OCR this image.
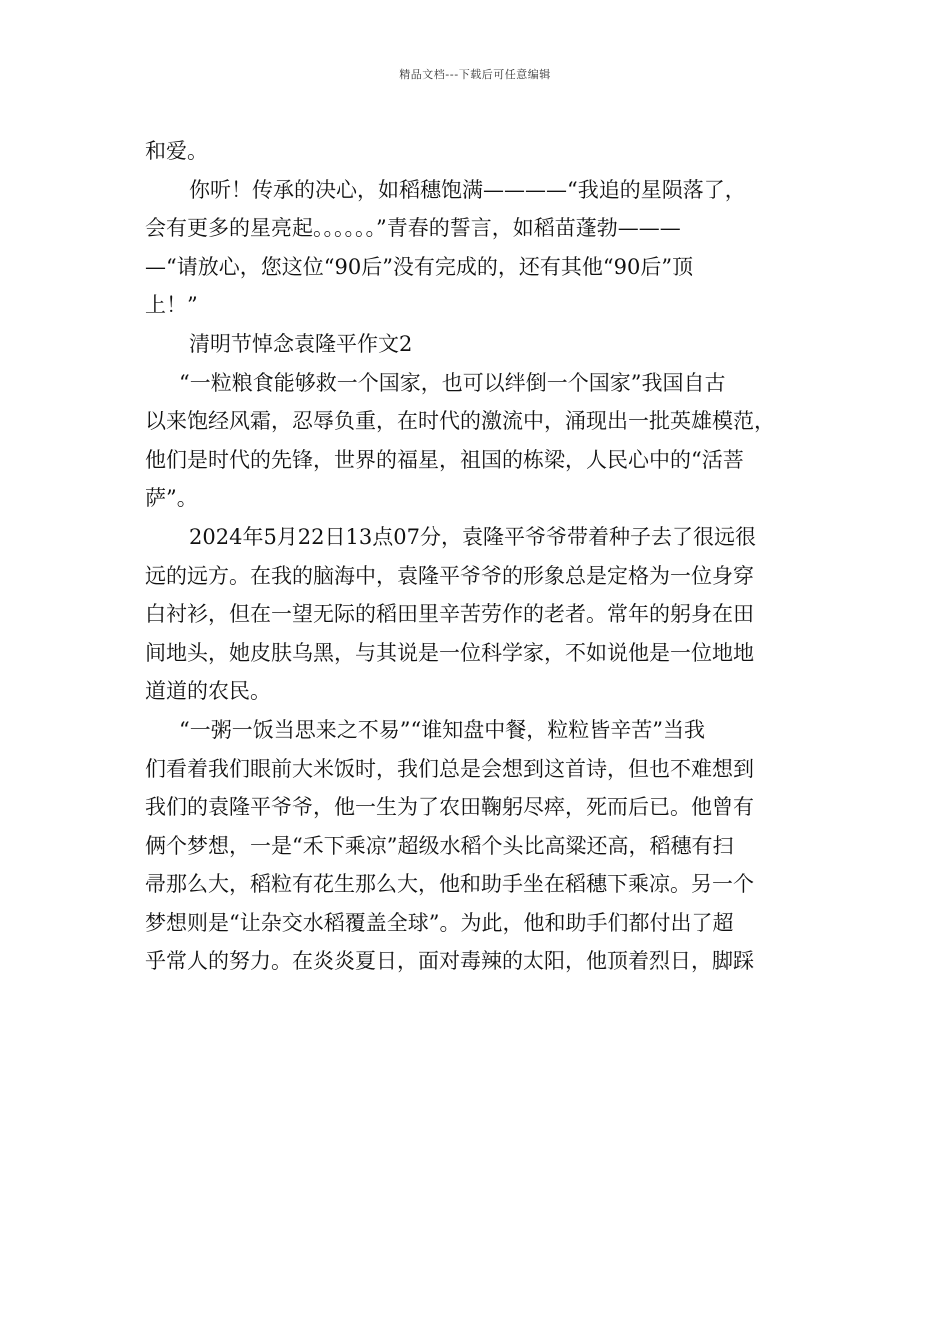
精品文档---下载后可任意编辑
和爱。
你听！传承的决心，如稻穗饱满————“我追的星陨落了，
会有更多的星亮起。。。。。。”青春的誓言，如稻苗蓬勃———
—“请放心，您这位“90后”没有完成的，还有其他“90后”顶
上！”
清明节悼念袁隆平作文2
“一粒粮食能够救一个国家，也可以绊倒一个国家”我国自古
以来饱经风霜，忍辱负重，在时代的激流中，涌现出一批英雄模范，
他们是时代的先锋，世界的福星，祖国的栋梁，人民心中的“活菩
萨”。
2024年5月22日13点07分，袁隆平爷爷带着种子去了很远很
远的远方。在我的脑海中，袁隆平爷爷的形象总是定格为一位身穿
白衬衫，但在一望无际的稻田里辛苦劳作的老者。常年的躬身在田
间地头，她皮肤乌黑，与其说是一位科学家，不如说他是一位地地
道道的农民。
“一粥一饭当思来之不易”“谁知盘中餐，粒粒皆辛苦”当我
们看着我们眼前大米饭时，我们总是会想到这首诗，但也不难想到
我们的袁隆平爷爷，他一生为了农田鞠躬尽瘁，死而后已。他曾有
俩个梦想，一是“禾下乘凉”超级水稻个头比高粱还高，稻穗有扫
帚那么大，稻粒有花生那么大，他和助手坐在稻穗下乘凉。另一个
梦想则是“让杂交水稻覆盖全球”。为此，他和助手们都付出了超
乎常人的努力。在炎炎夏日，面对毒辣的太阳，他顶着烈日，脚踩
